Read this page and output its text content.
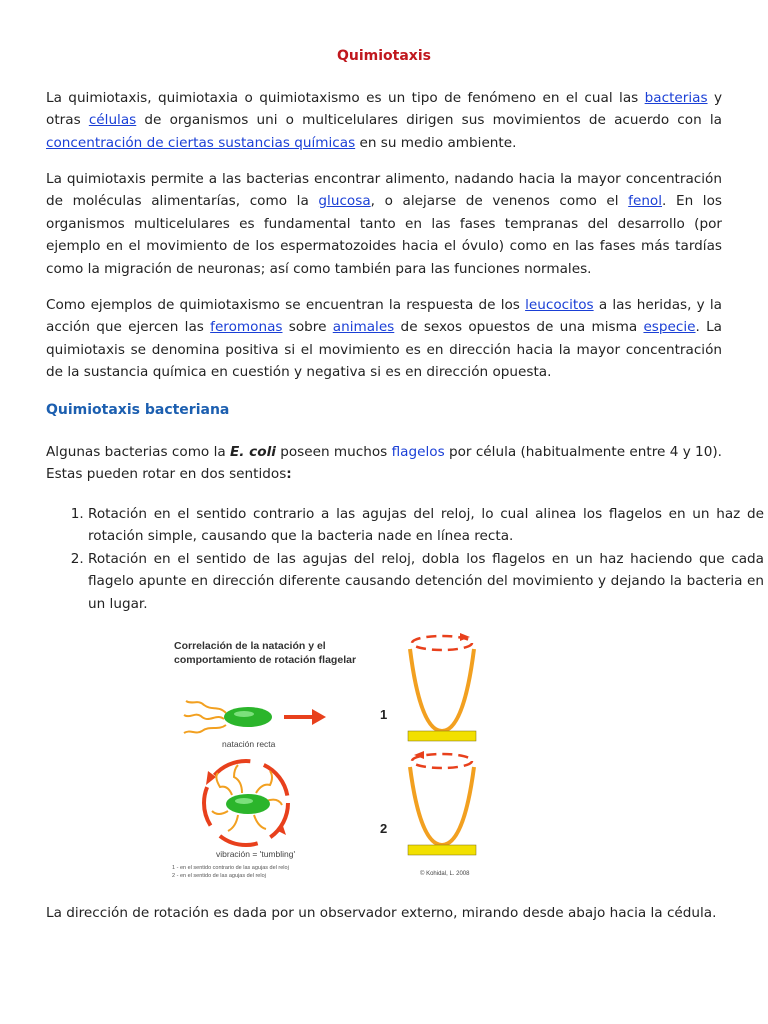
Quimiotaxis

La quimiotaxis, quimiotaxia o quimiotaxismo es un tipo de fenómeno en el cual las bacterias y otras células de organismos uni o multicelulares dirigen sus movimientos de acuerdo con la concentración de ciertas sustancias químicas en su medio ambiente.

La quimiotaxis permite a las bacterias encontrar alimento, nadando hacia la mayor concentración de moléculas alimentarías, como la glucosa, o alejarse de venenos como el fenol. En los organismos multicelulares es fundamental tanto en las fases tempranas del desarrollo (por ejemplo en el movimiento de los espermatozoides hacia el óvulo) como en las fases más tardías como la migración de neuronas; así como también para las funciones normales.

Como ejemplos de quimiotaxismo se encuentran la respuesta de los leucocitos a las heridas, y la acción que ejercen las feromonas sobre animales de sexos opuestos de una misma especie. La quimiotaxis se denomina positiva si el movimiento es en dirección hacia la mayor concentración de la sustancia química en cuestión y negativa si es en dirección opuesta.

Quimiotaxis bacteriana

Algunas bacterias como la E. coli poseen muchos flagelos por célula (habitualmente entre 4 y 10). Estas pueden rotar en dos sentidos:

1. Rotación en el sentido contrario a las agujas del reloj, lo cual alinea los flagelos en un haz de rotación simple, causando que la bacteria nade en línea recta.
2. Rotación en el sentido de las agujas del reloj, dobla los flagelos en un haz haciendo que cada flagelo apunte en dirección diferente causando detención del movimiento y dejando la bacteria en un lugar.
Correlación de la natación y el
comportamiento de rotación flagelar
natación recta
vibración = 'tumbling'
1 - en el sentido contrario de las agujas del reloj
2 - en el sentido de las agujas del reloj
1
2
© Kohidal, L. 2008

La dirección de rotación es dada por un observador externo, mirando desde abajo hacia la cédula.
